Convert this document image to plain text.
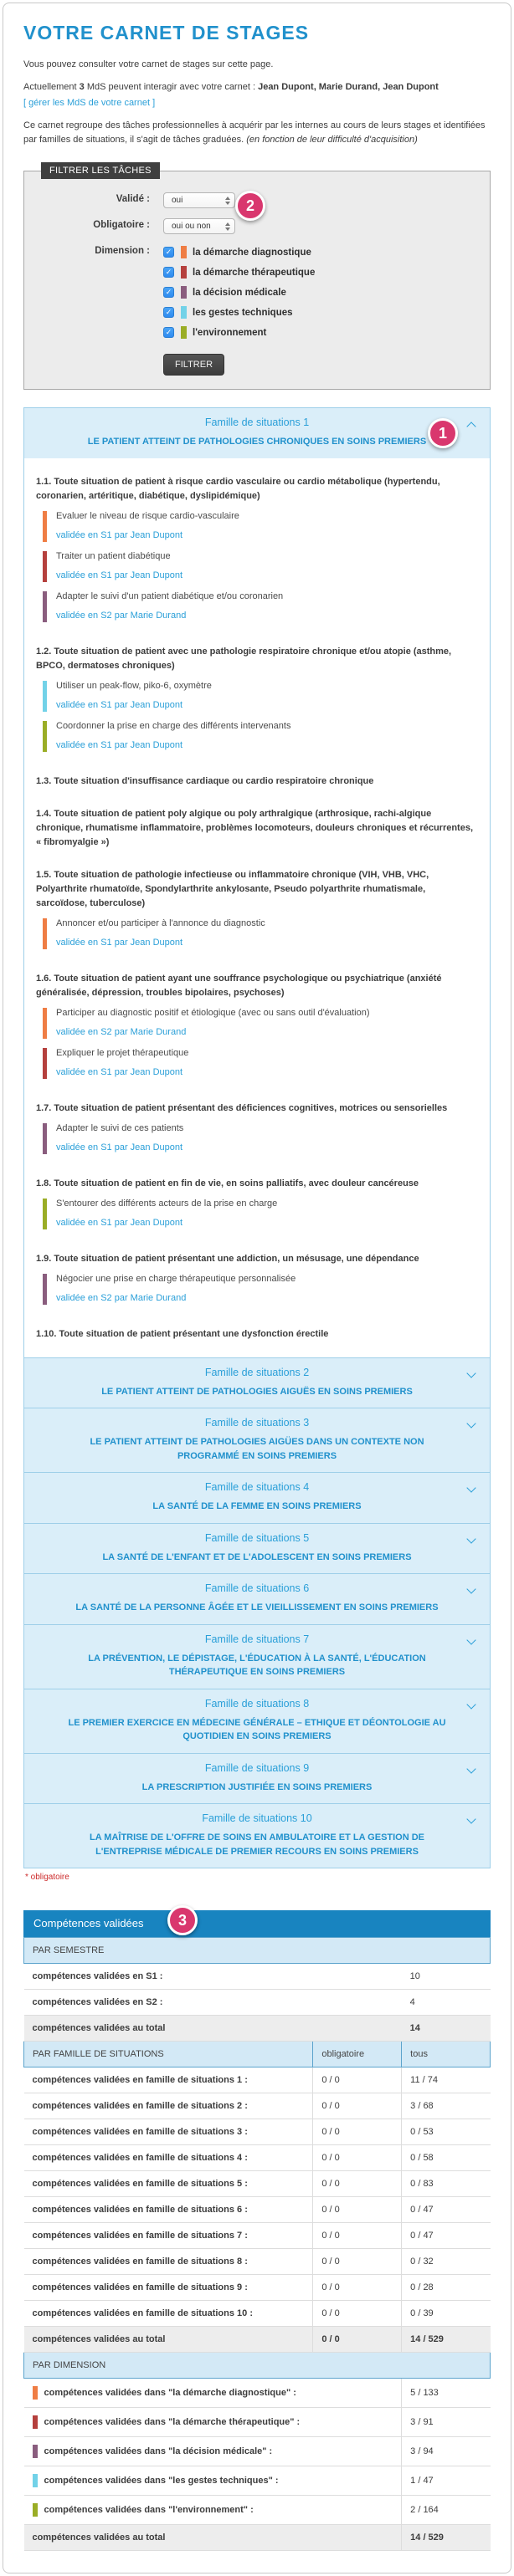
VOTRE CARNET DE STAGES

Vous pouvez consulter votre carnet de stages sur cette page.

Actuellement 3 MdS peuvent interagir avec votre carnet : Jean Dupont, Marie Durand, Jean Dupont

[ gérer les MdS de votre carnet ]

Ce carnet regroupe des tâches professionnelles à acquérir par les internes au cours de leurs stages et identifiées par familles de situations, il s'agit de tâches graduées. (en fonction de leur difficulté d'acquisition)

FILTRER LES TÂCHES
2
Validé :	oui
Obligatoire :	oui ou non
Dimension :	✓ la démarche diagnostique
✓ la démarche thérapeutique
✓ la décision médicale
✓ les gestes techniques
✓ l'environnement
FILTRER
Famille de situations 1
LE PATIENT ATTEINT DE PATHOLOGIES CHRONIQUES EN SOINS PREMIERS
1
1.1. Toute situation de patient à risque cardio vasculaire ou cardio métabolique (hypertendu, coronarien, artéritique, diabétique, dyslipidémique)
Evaluer le niveau de risque cardio-vasculaire
validée en S1 par Jean Dupont
Traiter un patient diabétique
validée en S1 par Jean Dupont
Adapter le suivi d'un patient diabétique et/ou coronarien
validée en S2 par Marie Durand
1.2. Toute situation de patient avec une pathologie respiratoire chronique et/ou atopie (asthme, BPCO, dermatoses chroniques)
Utiliser un peak-flow, piko-6, oxymètre
validée en S1 par Jean Dupont
Coordonner la prise en charge des différents intervenants
validée en S1 par Jean Dupont
1.3. Toute situation d'insuffisance cardiaque ou cardio respiratoire chronique
1.4. Toute situation de patient poly algique ou poly arthralgique (arthrosique, rachi-algique chronique, rhumatisme inflammatoire, problèmes locomoteurs, douleurs chroniques et récurrentes, « fibromyalgie »)
1.5. Toute situation de pathologie infectieuse ou inflammatoire chronique (VIH, VHB, VHC, Polyarthrite rhumatoïde, Spondylarthrite ankylosante, Pseudo polyarthrite rhumatismale, sarcoïdose, tuberculose)
Annoncer et/ou participer à l'annonce du diagnostic
validée en S1 par Jean Dupont
1.6. Toute situation de patient ayant une souffrance psychologique ou psychiatrique (anxiété généralisée, dépression, troubles bipolaires, psychoses)
Participer au diagnostic positif et étiologique (avec ou sans outil d'évaluation)
validée en S2 par Marie Durand
Expliquer le projet thérapeutique
validée en S1 par Jean Dupont
1.7. Toute situation de patient présentant des déficiences cognitives, motrices ou sensorielles
Adapter le suivi de ces patients
validée en S1 par Jean Dupont
1.8. Toute situation de patient en fin de vie, en soins palliatifs, avec douleur cancéreuse
S'entourer des différents acteurs de la prise en charge
validée en S1 par Jean Dupont
1.9. Toute situation de patient présentant une addiction, un mésusage, une dépendance
Négocier une prise en charge thérapeutique personnalisée
validée en S2 par Marie Durand
1.10. Toute situation de patient présentant une dysfonction érectile
Famille de situations 2
LE PATIENT ATTEINT DE PATHOLOGIES AIGUËS EN SOINS PREMIERS
Famille de situations 3
LE PATIENT ATTEINT DE PATHOLOGIES AIGÜES DANS UN CONTEXTE NON PROGRAMMÉ EN SOINS PREMIERS
Famille de situations 4
LA SANTÉ DE LA FEMME EN SOINS PREMIERS
Famille de situations 5
LA SANTÉ DE L'ENFANT ET DE L'ADOLESCENT EN SOINS PREMIERS
Famille de situations 6
LA SANTÉ DE LA PERSONNE ÂGÉE ET LE VIEILLISSEMENT EN SOINS PREMIERS
Famille de situations 7
LA PRÉVENTION, LE DÉPISTAGE, L'ÉDUCATION À LA SANTÉ, L'ÉDUCATION THÉRAPEUTIQUE EN SOINS PREMIERS
Famille de situations 8
LE PREMIER EXERCICE EN MÉDECINE GÉNÉRALE – ETHIQUE ET DÉONTOLOGIE AU QUOTIDIEN EN SOINS PREMIERS
Famille de situations 9
LA PRESCRIPTION JUSTIFIÉE EN SOINS PREMIERS
Famille de situations 10
LA MAÎTRISE DE L'OFFRE DE SOINS EN AMBULATOIRE ET LA GESTION DE L'ENTREPRISE MÉDICALE DE PREMIER RECOURS EN SOINS PREMIERS
* obligatoire
Compétences validées	3
PAR SEMESTRE		
compétences validées en S1 :		10
compétences validées en S2 :		4
compétences validées au total		14
PAR FAMILLE DE SITUATIONS	obligatoire	tous
compétences validées en famille de situations 1 :	0 / 0	11 / 74
compétences validées en famille de situations 2 :	0 / 0	3 / 68
compétences validées en famille de situations 3 :	0 / 0	0 / 53
compétences validées en famille de situations 4 :	0 / 0	0 / 58
compétences validées en famille de situations 5 :	0 / 0	0 / 83
compétences validées en famille de situations 6 :	0 / 0	0 / 47
compétences validées en famille de situations 7 :	0 / 0	0 / 47
compétences validées en famille de situations 8 :	0 / 0	0 / 32
compétences validées en famille de situations 9 :	0 / 0	0 / 28
compétences validées en famille de situations 10 :	0 / 0	0 / 39
compétences validées au total	0 / 0	14 / 529
PAR DIMENSION		

compétences validées dans "la démarche diagnostique" :		5 / 133

compétences validées dans "la démarche thérapeutique" :		3 / 91

compétences validées dans "la décision médicale" :		3 / 94

compétences validées dans "les gestes techniques" :		1 / 47

compétences validées dans "l'environnement" :		2 / 164
compétences validées au total		14 / 529
